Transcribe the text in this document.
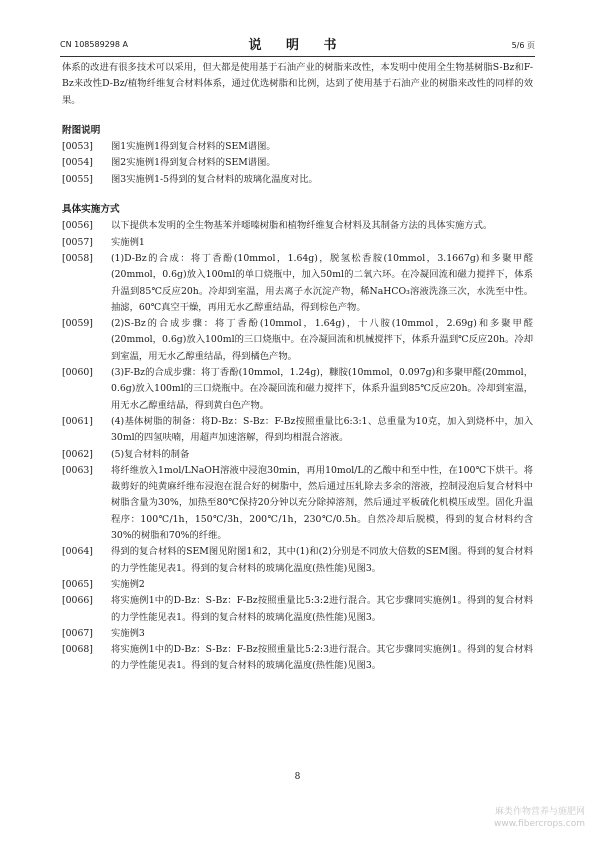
CN 108589298 A	说 明 书	5/6 页

体系的改进有很多技术可以采用，但大都是使用基于石油产业的树脂来改性，本发明中使用全生物基树脂S-Bz和F-Bz来改性D-Bz/植物纤维复合材料体系，通过优选树脂和比例，达到了使用基于石油产业的树脂来改性的同样的效果。

附图说明

[0053]	图1实施例1得到复合材料的SEM谱图。
[0054]	图2实施例1得到复合材料的SEM谱图。
[0055]	图3实施例1-5得到的复合材料的玻璃化温度对比。

具体实施方式

[0056]	以下提供本发明的全生物基苯并噁嗪树脂和植物纤维复合材料及其制备方法的具体实施方式。
[0057]	实施例1
[0058]	(1)D-Bz的合成：将丁香酚(10mmol，1.64g)，脱氢松香胺(10mmol，3.1667g)和多聚甲醛(20mmol，0.6g)放入100ml的单口烧瓶中，加入50ml的二氧六环。在冷凝回流和磁力搅拌下，体系升温到85℃反应20h。冷却到室温，用去离子水沉淀产物，稀NaHCO₃溶液洗涤三次，水洗至中性。抽滤，60℃真空干燥，再用无水乙醇重结晶，得到棕色产物。
[0059]	(2)S-Bz的合成步骤：将丁香酚(10mmol，1.64g)，十八胺(10mmol，2.69g)和多聚甲醛(20mmol，0.6g)放入100ml的三口烧瓶中。在冷凝回流和机械搅拌下，体系升温到℃反应20h。冷却到室温，用无水乙醇重结晶，得到橘色产物。
[0060]	(3)F-Bz的合成步骤：将丁香酚(10mmol，1.24g)，糠胺(10mmol，0.097g)和多聚甲醛(20mmol，0.6g)放入100ml的三口烧瓶中。在冷凝回流和磁力搅拌下，体系升温到85℃反应20h。冷却到室温，用无水乙醇重结晶，得到黄白色产物。
[0061]	(4)基体树脂的制备：将D-Bz：S-Bz：F-Bz按照重量比6:3:1、总重量为10克，加入到烧杯中，加入30ml的四氢呋喃，用超声加速溶解，得到均相混合溶液。
[0062]	(5)复合材料的制备
[0063]	将纤维放入1mol/LNaOH溶液中浸泡30min，再用10mol/L的乙酸中和至中性，在100℃下烘干。将裁剪好的纯黄麻纤维布浸泡在混合好的树脂中，然后通过压轧除去多余的溶液，控制浸泡后复合材料中树脂含量为30%，加热至80℃保持20分钟以充分除掉溶剂，然后通过平板硫化机模压成型。固化升温程序：100℃/1h，150℃/3h，200℃/1h，230℃/0.5h。自然冷却后脱模，得到的复合材料约含30%的树脂和70%的纤维。
[0064]	得到的复合材料的SEM图见附图1和2，其中(1)和(2)分别是不同放大倍数的SEM图。得到的复合材料的力学性能见表1。得到的复合材料的玻璃化温度(热性能)见图3。
[0065]	实施例2
[0066]	将实施例1中的D-Bz：S-Bz：F-Bz按照重量比5:3:2进行混合。其它步骤同实施例1。得到的复合材料的力学性能见表1。得到的复合材料的玻璃化温度(热性能)见图3。
[0067]	实施例3
[0068]	将实施例1中的D-Bz：S-Bz：F-Bz按照重量比5:2:3进行混合。其它步骤同实施例1。得到的复合材料的力学性能见表1。得到的复合材料的玻璃化温度(热性能)见图3。
8
麻类作物营养与施肥网
www.fibercrops.com
